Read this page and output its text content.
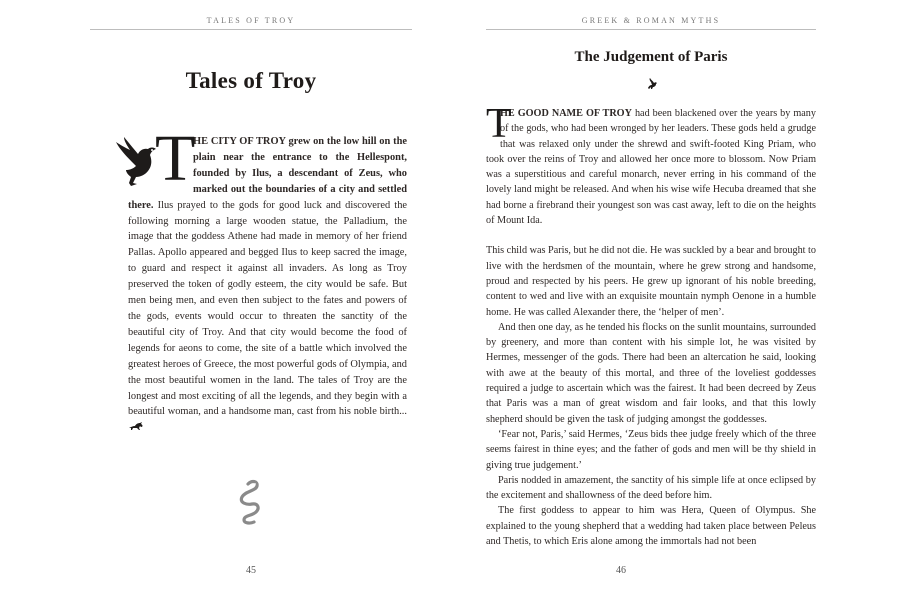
TALES OF TROY
Tales of Troy
T
HE CITY OF TROY grew on the low hill on the plain near the entrance to the Hellespont, founded by Ilus, a descendant of Zeus, who marked out the boundaries of a city and settled there. Ilus prayed to the gods for good luck and discovered the following morning a large wooden statue, the Palladium, the image that the goddess Athene had made in memory of her friend Pallas. Apollo appeared and begged Ilus to keep sacred the image, to guard and respect it against all invaders. As long as Troy preserved the token of godly esteem, the city would be safe. But men being men, and even then subject to the fates and powers of the gods, events would occur to threaten the sanctity of the beautiful city of Troy. And that city would become the food of legends for aeons to come, the site of a battle which involved the greatest heroes of Greece, the most powerful gods of Olympia, and the most beautiful women in the land. The tales of Troy are the longest and most exciting of all the legends, and they begin with a beautiful woman, and a handsome man, cast from his noble birth...
45
GREEK & ROMAN MYTHS
The Judgement of Paris

T
HE GOOD NAME OF TROY had been blackened over the years by many of the gods, who had been wronged by her leaders. These gods held a grudge that was relaxed only under the shrewd and swift-footed King Priam, who took over the reins of Troy and allowed her once more to blossom. Now Priam was a superstitious and careful monarch, never erring in his command of the lovely land might be released. And when his wise wife Hecuba dreamed that she had borne a firebrand their youngest son was cast away, left to die on the heights of Mount Ida.

This child was Paris, but he did not die. He was suckled by a bear and brought to live with the herdsmen of the mountain, where he grew strong and handsome, proud and respected by his peers. He grew up ignorant of his noble breeding, content to wed and live with an exquisite mountain nymph Oenone in a humble home. He was called Alexander there, the ‘helper of men’.

And then one day, as he tended his flocks on the sunlit mountains, surrounded by greenery, and more than content with his simple lot, he was visited by Hermes, messenger of the gods. There had been an altercation he said, looking with awe at the beauty of this mortal, and three of the loveliest goddesses required a judge to ascertain which was the fairest. It had been decreed by Zeus that Paris was a man of great wisdom and fair looks, and that this lowly shepherd should be given the task of judging amongst the goddesses.

‘Fear not, Paris,’ said Hermes, ‘Zeus bids thee judge freely which of the three seems fairest in thine eyes; and the father of gods and men will be thy shield in giving true judgement.’

Paris nodded in amazement, the sanctity of his simple life at once eclipsed by the excitement and shallowness of the deed before him.

The first goddess to appear to him was Hera, Queen of Olympus. She explained to the young shepherd that a wedding had taken place between Peleus and Thetis, to which Eris alone among the immortals had not been

46
